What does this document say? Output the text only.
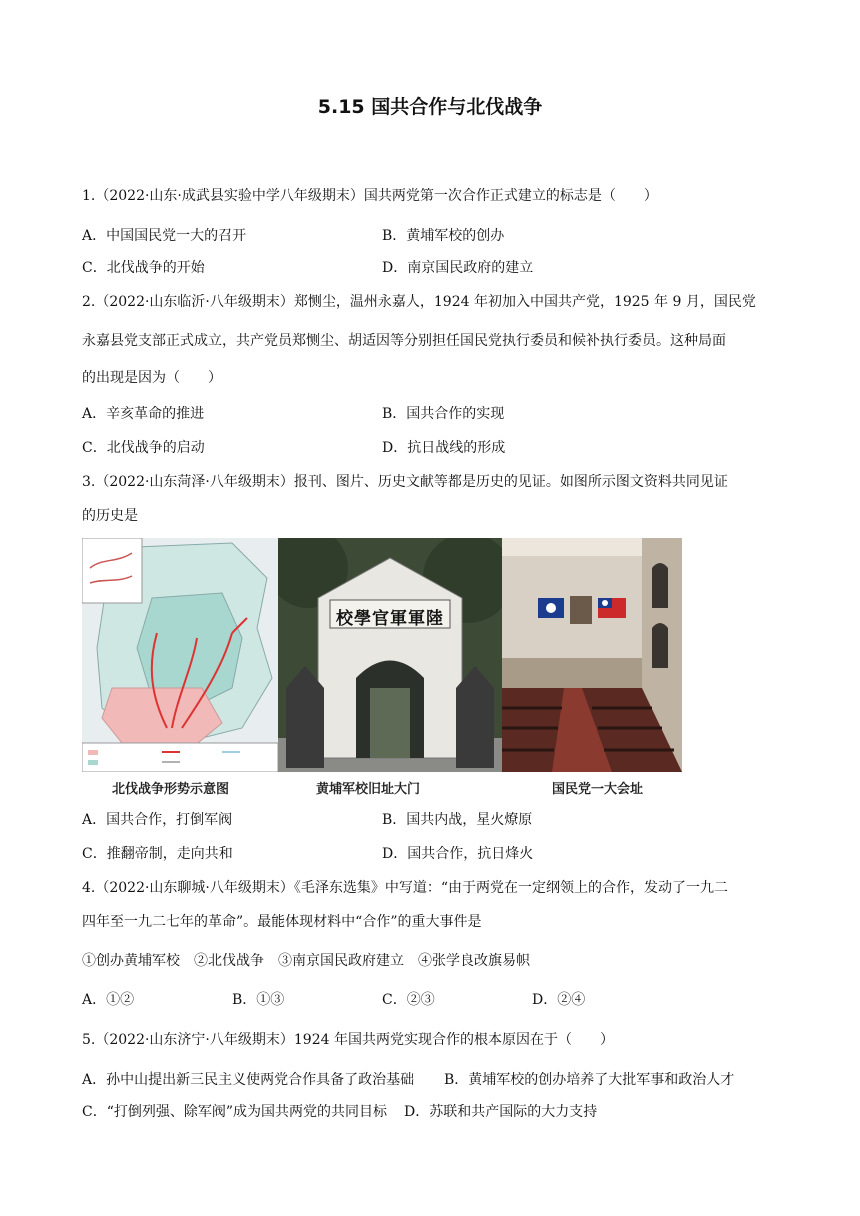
5.15 国共合作与北伐战争
1.（2022·山东·成武县实验中学八年级期末）国共两党第一次合作正式建立的标志是（　　）
A．中国国民党一大的召开	B．黄埔军校的创办
C．北伐战争的开始	D．南京国民政府的建立
2.（2022·山东临沂·八年级期末）郑恻尘，温州永嘉人，1924 年初加入中国共产党，1925 年 9 月，国民党
永嘉县党支部正式成立，共产党员郑恻尘、胡适因等分别担任国民党执行委员和候补执行委员。这种局面
的出现是因为（　　）
A．辛亥革命的推进	B．国共合作的实现
C．北伐战争的启动	D．抗日战线的形成
3.（2022·山东菏泽·八年级期末）报刊、图片、历史文献等都是历史的见证。如图所示图文资料共同见证
的历史是
陸軍軍官學校
北伐战争形势示意图	黄埔军校旧址大门	国民党一大会址
A．国共合作，打倒军阀	B．国共内战，星火燎原
C．推翻帝制，走向共和	D．国共合作，抗日烽火
4.（2022·山东聊城·八年级期末）《毛泽东选集》中写道：“由于两党在一定纲领上的合作，发动了一九二
四年至一九二七年的革命”。最能体现材料中“合作”的重大事件是
①创办黄埔军校　②北伐战争　③南京国民政府建立　④张学良改旗易帜
A．①②	B．①③	C．②③	D．②④
5.（2022·山东济宁·八年级期末）1924 年国共两党实现合作的根本原因在于（　　）
A．孙中山提出新三民主义使两党合作具备了政治基础 B．黄埔军校的创办培养了大批军事和政治人才
C．“打倒列强、除军阀”成为国共两党的共同目标 D．苏联和共产国际的大力支持
